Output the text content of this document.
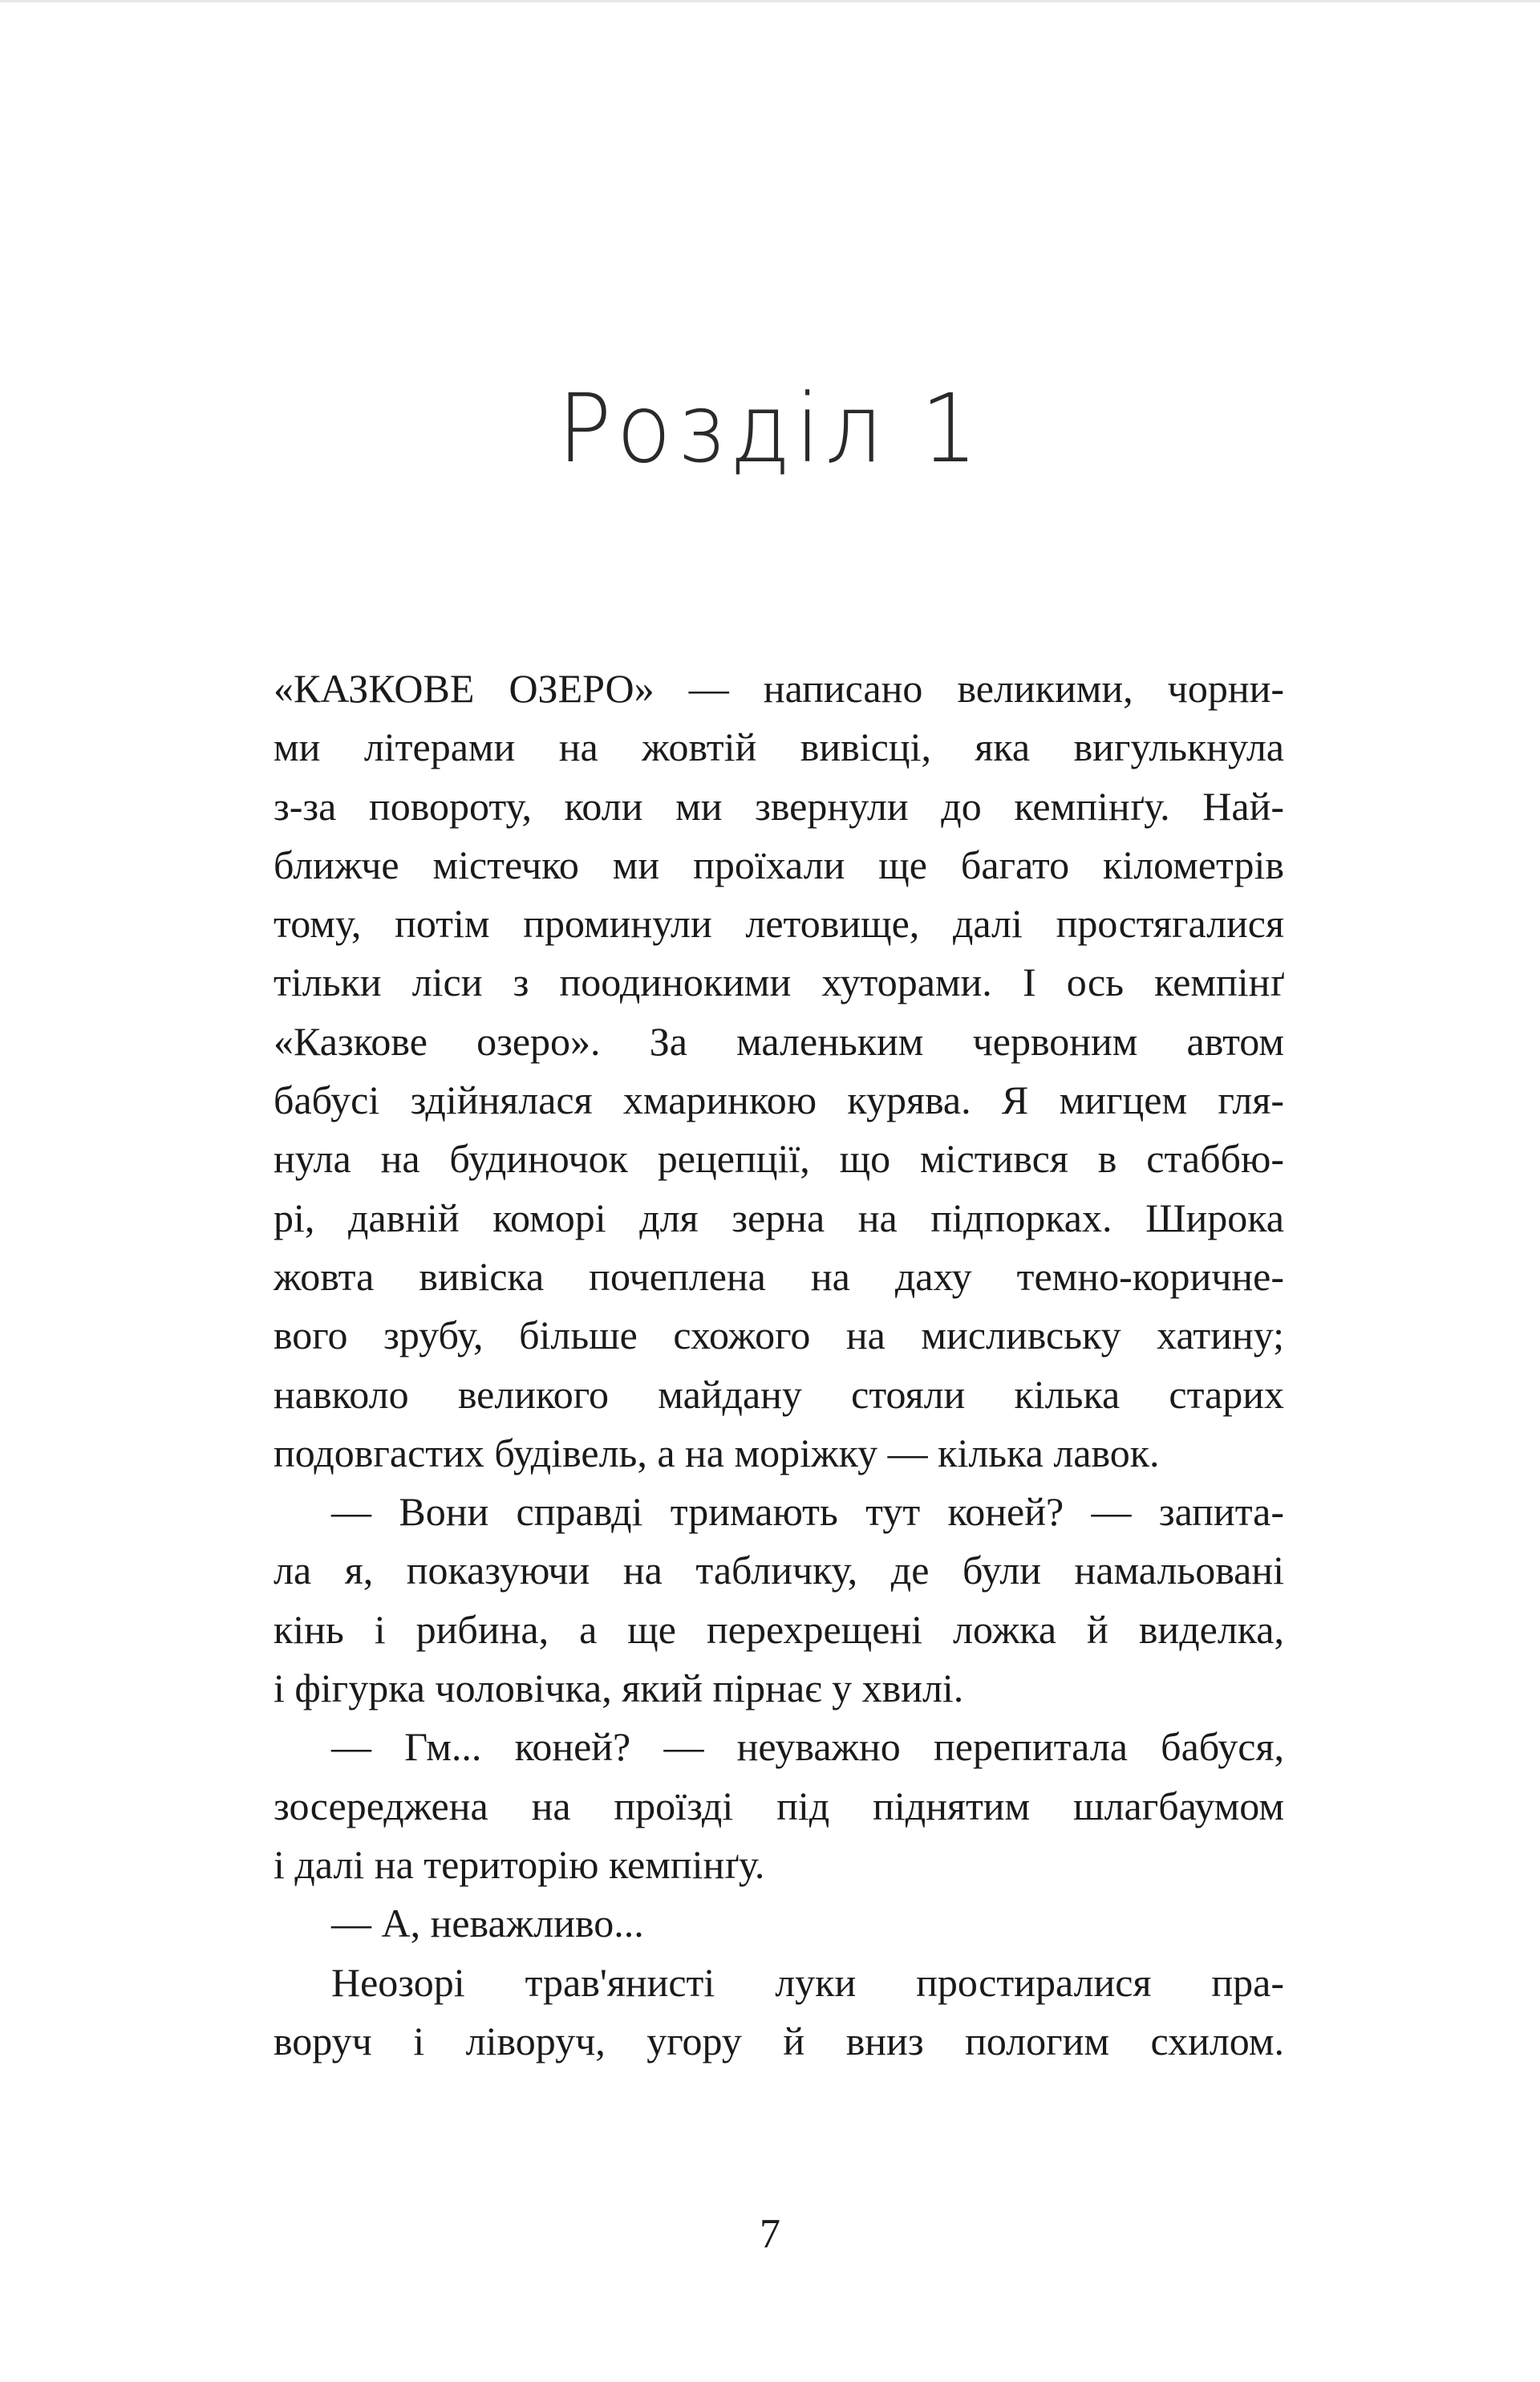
Розділ 1
«КАЗКОВЕ ОЗЕРО» — написано великими, чорни-
ми літерами на жовтій вивісці, яка вигулькнула
з-за повороту, коли ми звернули до кемпінґу. Най-
ближче містечко ми проїхали ще багато кілометрів
тому, потім проминули летовище, далі простягалися
тільки ліси з поодинокими хуторами. І ось кемпінґ
«Казкове озеро». За маленьким червоним автом
бабусі здійнялася хмаринкою курява. Я мигцем гля-
нула на будиночок рецепції, що містився в стаббю-
рі, давній коморі для зерна на підпорках. Широка
жовта вивіска почеплена на даху темно-коричне-
вого зрубу, більше схожого на мисливську хатину;
навколо великого майдану стояли кілька старих
подовгастих будівель, а на моріжку — кілька лавок.
— Вони справді тримають тут коней? — запита-
ла я, показуючи на табличку, де були намальовані
кінь і рибина, а ще перехрещені ложка й виделка,
і фігурка чоловічка, який пірнає у хвилі.
— Гм... коней? — неуважно перепитала бабуся,
зосереджена на проїзді під піднятим шлагбаумом
і далі на територію кемпінґу.
— А, неважливо...
Неозорі трав'янисті луки простиралися пра-
воруч і ліворуч, угору й вниз пологим схилом.
7
